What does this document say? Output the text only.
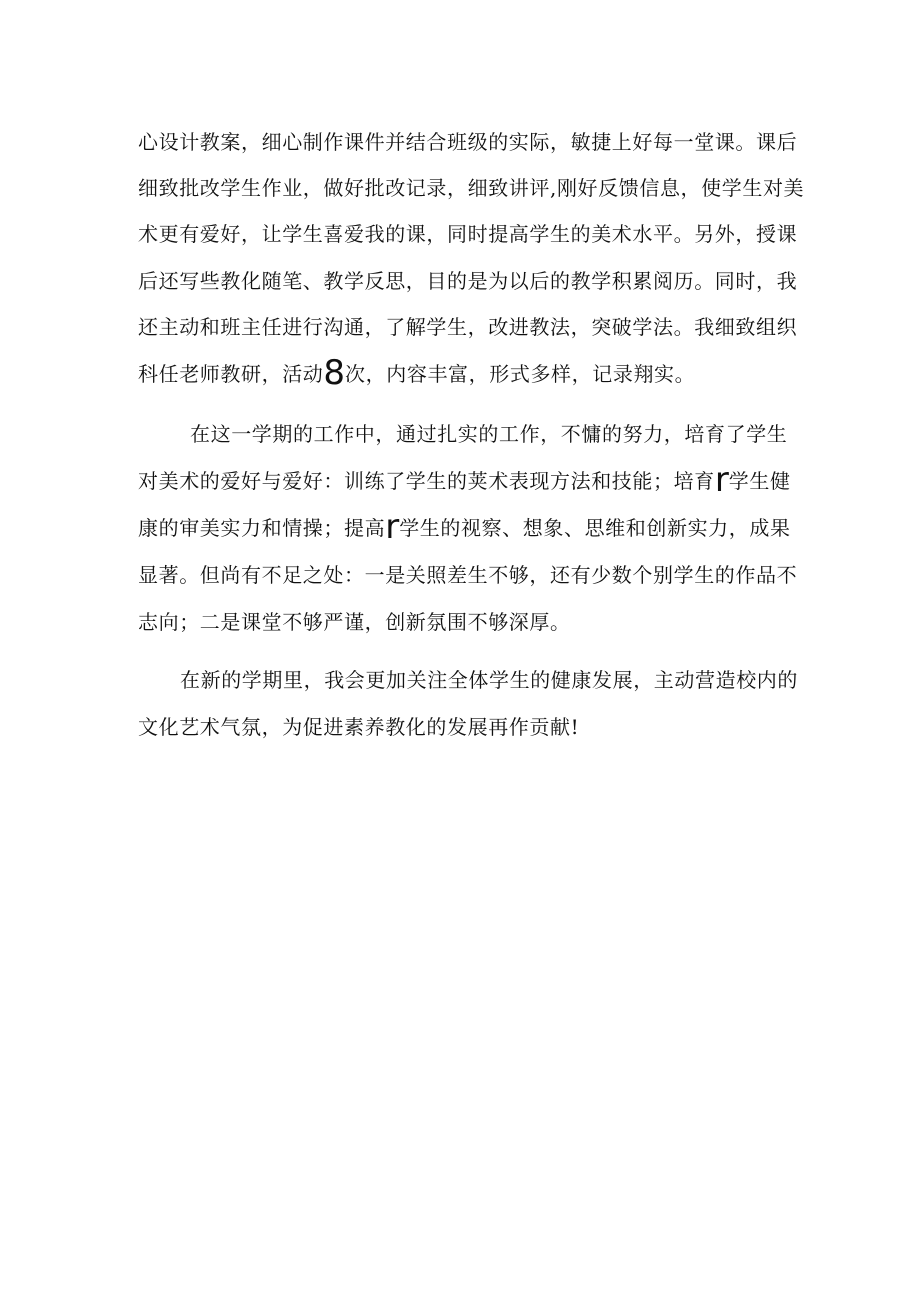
心设计教案，细心制作课件并结合班级的实际，敏捷上好每一堂课。课后

细致批改学生作业，做好批改记录，细致讲评,刚好反馈信息，使学生对美

术更有爱好，让学生喜爱我的课，同时提高学生的美术水平。另外，授课

后还写些教化随笔、教学反思，目的是为以后的教学积累阅历。同时，我

还主动和班主任进行沟通，了解学生，改进教法，突破学法。我细致组织

科任老师教研，活动8次，内容丰富，形式多样，记录翔实。

在这一学期的工作中，通过扎实的工作，不慵的努力，培育了学生

对美术的爱好与爱好：训练了学生的荚术表现方法和技能；培育r学生健

康的审美实力和情操；提高r学生的视察、想象、思维和创新实力，成果

显著。但尚有不足之处：一是关照差生不够，还有少数个别学生的作品不

志向；二是课堂不够严谨，创新氛围不够深厚。

在新的学期里，我会更加关注全体学生的健康发展，主动营造校内的

文化艺术气氛，为促进素养教化的发展再作贡献!
